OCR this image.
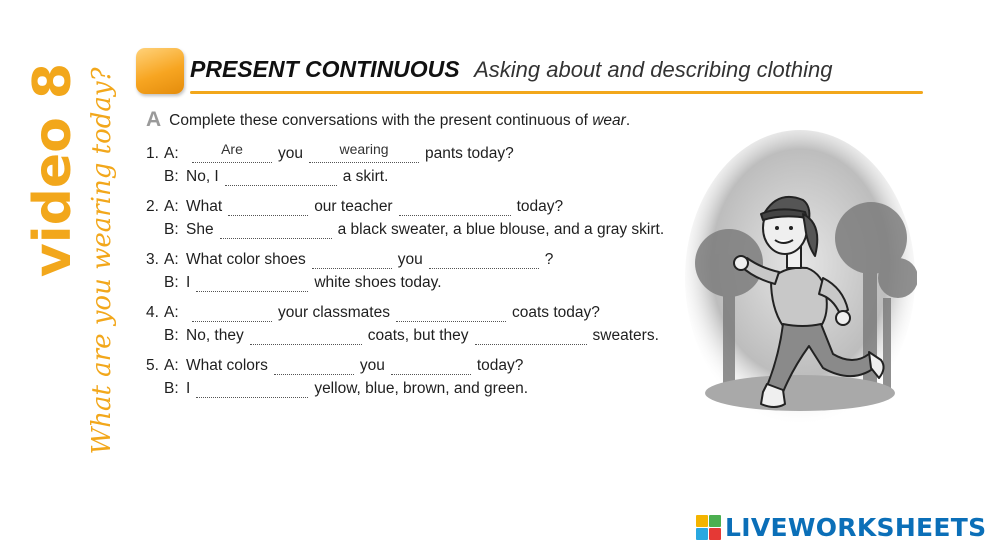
video 8 What are you wearing today?	PRESENT CONTINUOUS Asking about and describing clothing
A Complete these conversations with the present continuous of wear.
1. A:	Are	you	wearing	pants today?
B: No, I	a skirt.
2. A: What	our teacher	today?
B: She	a black sweater, a blue blouse, and a gray skirt.
3. A: What color shoes	you	?
B: I	white shoes today.
4. A:	your classmates	coats today?
B: No, they	coats, but they	sweaters.
5. A: What colors	you	today?
B: I	yellow, blue, brown, and green.
LIVEWORKSHEETS
